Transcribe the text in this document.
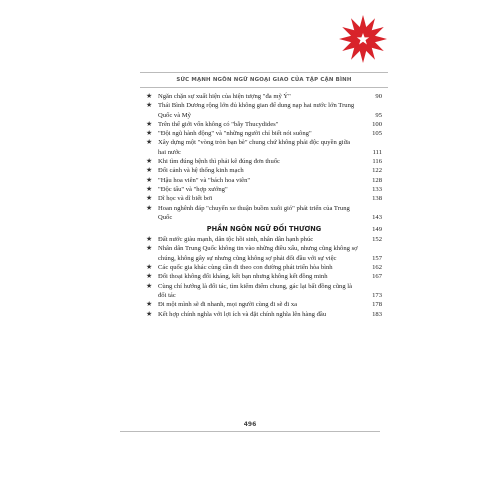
SỨC MẠNH NGÔN NGỮ NGOẠI GIAO CỦA TẬP CẬN BÌNH
★ Ngăn chặn sự xuất hiện của hiện tượng "đa mỹ Ý"	90
★ Thái Bình Dương rộng lớn đủ không gian để dung nạp hai nước lớn Trung Quốc và Mỹ	95
★ Trên thế giới vốn không có "bẫy Thucydides"	100
★ "Đội ngũ hành động" và "những người chỉ biết nói suông"	105
★ Xây dựng một "vòng tròn bạn bè" chung chứ không phải độc quyền giữa hai nước	111
★ Khi tìm đúng bệnh thì phải kê đúng đơn thuốc	116
★ Đối cảnh và hệ thống kinh mạch	122
★ "Hậu hoa viên" và "bách hoa viên"	128
★ "Độc tấu" và "hợp xướng"	133
★ Dĩ học và dĩ biết bơi	138
★ Hoan nghênh đáp "chuyến xe thuận buồm xuôi gió" phát triển của Trung Quốc	143
PHẦN NGÔN NGỮ ĐỐI THƯƠNG	149
★ Đất nước giàu mạnh, dân tộc hồi sinh, nhân dân hạnh phúc	152
★ Nhân dân Trung Quốc không tin vào những điều xấu, nhưng cũng không sợ chúng, không gây sự nhưng cũng không sợ phải đối đầu với sự việc	157
★ Các quốc gia khác cùng cần đi theo con đường phát triển hòa bình	162
★ Đối thoại không đối kháng, kết bạn nhưng không kết đồng minh	167
★ Cùng chí hướng là đối tác, tìm kiếm điểm chung, gác lại bất đồng cũng là đối tác	173
★ Đi một mình sẽ đi nhanh, mọi người cùng đi sẽ đi xa	178
★ Kết hợp chính nghĩa với lợi ích và đặt chính nghĩa lên hàng đầu	183
496
